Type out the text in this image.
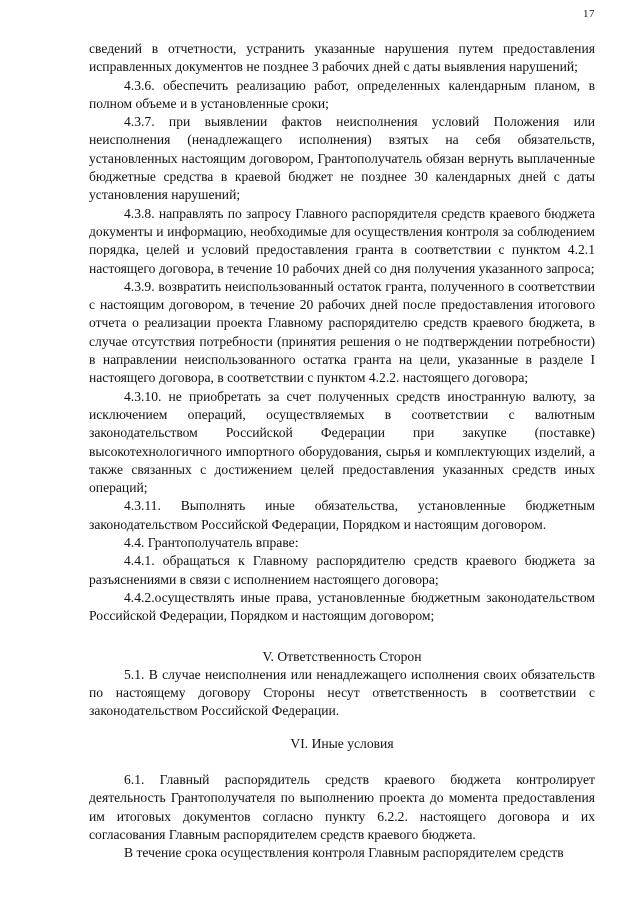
17

сведений в отчетности, устранить указанные нарушения путем предоставления исправленных документов не позднее 3 рабочих дней с даты выявления нарушений;

4.3.6. обеспечить реализацию работ, определенных календарным планом, в полном объеме и в установленные сроки;

4.3.7. при выявлении фактов неисполнения условий Положения или неисполнения (ненадлежащего исполнения) взятых на себя обязательств, установленных настоящим договором, Грантополучатель обязан вернуть выплаченные бюджетные средства в краевой бюджет не позднее 30 календарных дней с даты установления нарушений;

4.3.8. направлять по запросу Главного распорядителя средств краевого бюджета документы и информацию, необходимые для осуществления контроля за соблюдением порядка, целей и условий предоставления гранта в соответствии с пунктом 4.2.1 настоящего договора, в течение 10 рабочих дней со дня получения указанного запроса;

4.3.9. возвратить неиспользованный остаток гранта, полученного в соответствии с настоящим договором, в течение 20 рабочих дней после предоставления итогового отчета о реализации проекта Главному распорядителю средств краевого бюджета, в случае отсутствия потребности (принятия решения о не подтверждении потребности) в направлении неиспользованного остатка гранта на цели, указанные в разделе I настоящего договора, в соответствии с пунктом 4.2.2. настоящего договора;

4.3.10. не приобретать за счет полученных средств иностранную валюту, за исключением операций, осуществляемых в соответствии с валютным законодательством Российской Федерации при закупке (поставке) высокотехнологичного импортного оборудования, сырья и комплектующих изделий, а также связанных с достижением целей предоставления указанных средств иных операций;

4.3.11. Выполнять иные обязательства, установленные бюджетным законодательством Российской Федерации, Порядком и настоящим договором.

4.4. Грантополучатель вправе:

4.4.1. обращаться к Главному распорядителю средств краевого бюджета за разъяснениями в связи с исполнением настоящего договора;

4.4.2.осуществлять иные права, установленные бюджетным законодательством Российской Федерации, Порядком и настоящим договором;

V. Ответственность Сторон

5.1. В случае неисполнения или ненадлежащего исполнения своих обязательств по настоящему договору Стороны несут ответственность в соответствии с законодательством Российской Федерации.

VI. Иные условия

6.1. Главный распорядитель средств краевого бюджета контролирует деятельность Грантополучателя по выполнению проекта до момента предоставления им итоговых документов согласно пункту 6.2.2. настоящего договора и их согласования Главным распорядителем средств краевого бюджета.

В течение срока осуществления контроля Главным распорядителем средств
